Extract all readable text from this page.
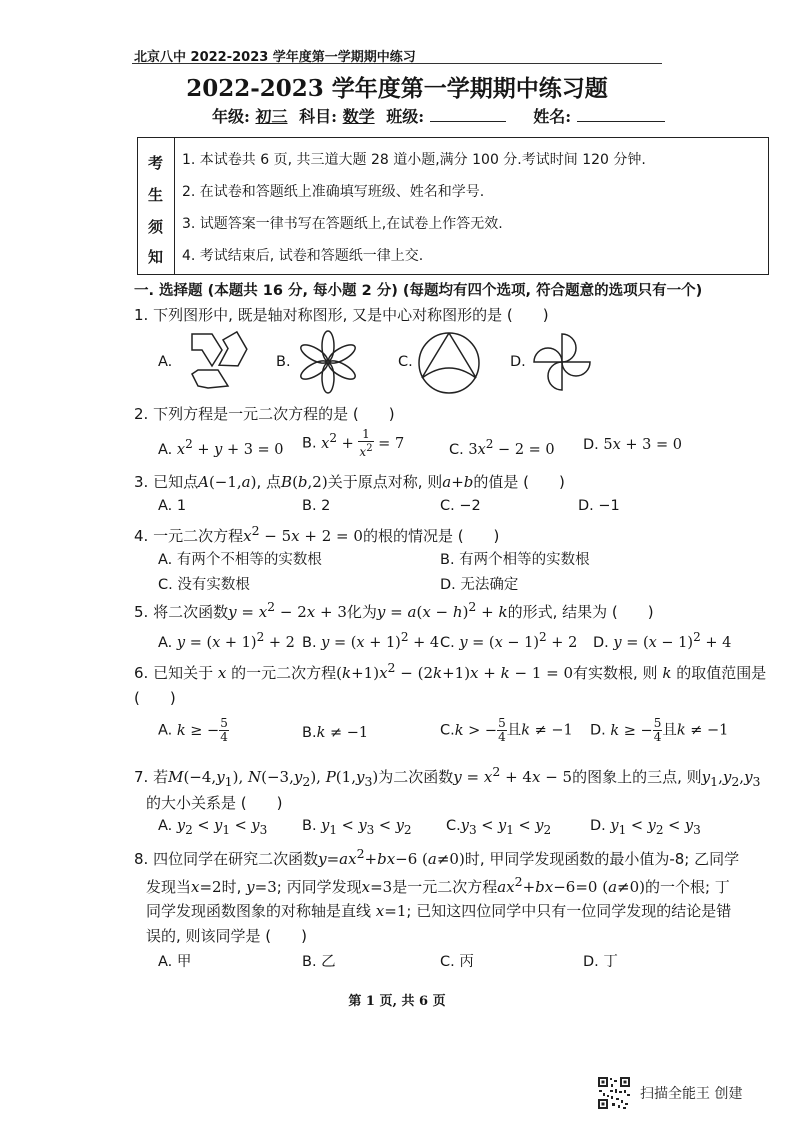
北京八中 2022-2023 学年度第一学期期中练习
2022-2023 学年度第一学期期中练习题
年级: 初三 科目: 数学 班级:	姓名:
考
生
须
知
1. 本试卷共 6 页, 共三道大题 28 道小题,满分 100 分.考试时间 120 分钟.
2. 在试卷和答题纸上准确填写班级、姓名和学号.
3. 试题答案一律书写在答题纸上,在试卷上作答无效.
4. 考试结束后, 试卷和答题纸一律上交.
一. 选择题 (本题共 16 分, 每小题 2 分) (每题均有四个选项, 符合题意的选项只有一个)
1. 下列图形中, 既是轴对称图形, 又是中心对称图形的是 (　　)
A.	B.	C.	D.
2. 下列方程是一元二次方程的是 (　　)
A. $x^2 + y + 3 = 0$ B. $x^2 + \frac{1}{x^2} = 7$	C. $3x^2 - 2 = 0$ D. 5x + 3 = 0
3. 已知点A(−1,a), 点B(b,2)关于原点对称, 则a+b的值是 (　　)
A. 1	B. 2	C. −2	D. −1
4. 一元二次方程$x^2 - 5x + 2 = 0$的根的情况是 (　　)
A. 有两个不相等的实数根	B. 有两个相等的实数根
C. 没有实数根	D. 无法确定
5. 将二次函数$y = x^2 - 2x + 3$化为$y = a(x - h)^2 + k$的形式, 结果为 (　　)
A. $y = (x + 1)^2 + 2$ B. $y = (x + 1)^2 + 4$ C. $y = (x - 1)^2 + 2$ D. $y = (x - 1)^2 + 4$
6. 已知关于 x 的一元二次方程$(k+1)x^2 - (2k+1)x + k - 1 = 0$有实数根, 则 k 的取值范围是
(　　)
A. k ≥ − $\frac{5}{4}$	B.k ≠ −1	C.k > − $\frac{5}{4}$ 且k ≠ −1 D. k ≥ − $\frac{5}{4}$ 且k ≠ −1
7. 若$M(-4,y_1)$, $N(-3,y_2)$, $P(1,y_3)$为二次函数$y = x^2 + 4x - 5$的图象上的三点, 则$y_1,y_2,y_3$
的大小关系是 (　　)
A. $y_2 < y_1 < y_3$ B. $y_1 < y_3 < y_2$ $C.y_3 < y_1 < y_2$	D. $y_1 < y_2 < y_3$
8. 四位同学在研究二次函数$y=ax^2+bx-6$ (a≠0)时, 甲同学发现函数的最小值为-8; 乙同学
发现当x=2时, y=3; 丙同学发现x=3是一元二次方程$ax^2+bx-6=0$ (a≠0)的一个根; 丁
同学发现函数图象的对称轴是直线 x=1; 已知这四位同学中只有一位同学发现的结论是错
误的, 则该同学是 (　　)
A. 甲	B. 乙	C. 丙	D. 丁
第 1 页, 共 6 页
扫描全能王 创建
